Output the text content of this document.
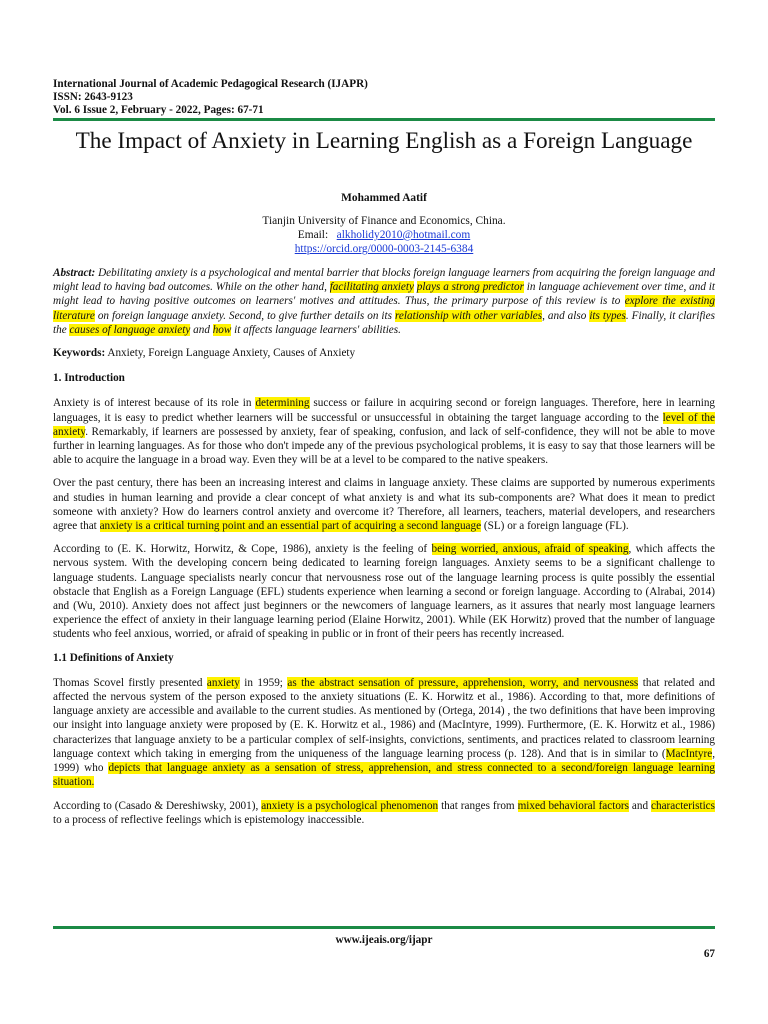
International Journal of Academic Pedagogical Research (IJAPR)
ISSN: 2643-9123
Vol. 6 Issue 2, February - 2022, Pages: 67-71
The Impact of Anxiety in Learning English as a Foreign Language
Mohammed Aatif
Tianjin University of Finance and Economics, China.
Email: alkholidy2010@hotmail.com
https://orcid.org/0000-0003-2145-6384

Abstract: Debilitating anxiety is a psychological and mental barrier that blocks foreign language learners from acquiring the foreign language and might lead to having bad outcomes. While on the other hand, facilitating anxiety plays a strong predictor in language achievement over time, and it might lead to having positive outcomes on learners' motives and attitudes. Thus, the primary purpose of this review is to explore the existing literature on foreign language anxiety. Second, to give further details on its relationship with other variables, and also its types. Finally, it clarifies the causes of language anxiety and how it affects language learners' abilities.

Keywords: Anxiety, Foreign Language Anxiety, Causes of Anxiety

1. Introduction

Anxiety is of interest because of its role in determining success or failure in acquiring second or foreign languages. Therefore, here in learning languages, it is easy to predict whether learners will be successful or unsuccessful in obtaining the target language according to the level of the anxiety. Remarkably, if learners are possessed by anxiety, fear of speaking, confusion, and lack of self-confidence, they will not be able to move further in learning languages. As for those who don't impede any of the previous psychological problems, it is easy to say that those learners will be able to acquire the language in a broad way. Even they will be at a level to be compared to the native speakers.

Over the past century, there has been an increasing interest and claims in language anxiety. These claims are supported by numerous experiments and studies in human learning and provide a clear concept of what anxiety is and what its sub-components are? What does it mean to predict someone with anxiety? How do learners control anxiety and overcome it? Therefore, all learners, teachers, material developers, and researchers agree that anxiety is a critical turning point and an essential part of acquiring a second language (SL) or a foreign language (FL).

According to (E. K. Horwitz, Horwitz, & Cope, 1986), anxiety is the feeling of being worried, anxious, afraid of speaking, which affects the nervous system. With the developing concern being dedicated to learning foreign languages. Anxiety seems to be a significant challenge to language students. Language specialists nearly concur that nervousness rose out of the language learning process is quite possibly the essential obstacle that English as a Foreign Language (EFL) students experience when learning a second or foreign language. According to (Alrabai, 2014) and (Wu, 2010). Anxiety does not affect just beginners or the newcomers of language learners, as it assures that nearly most language learners experience the effect of anxiety in their language learning period (Elaine Horwitz, 2001). While (EK Horwitz) proved that the number of language students who feel anxious, worried, or afraid of speaking in public or in front of their peers has recently increased.

1.1 Definitions of Anxiety

Thomas Scovel firstly presented anxiety in 1959; as the abstract sensation of pressure, apprehension, worry, and nervousness that related and affected the nervous system of the person exposed to the anxiety situations (E. K. Horwitz et al., 1986). According to that, more definitions of language anxiety are accessible and available to the current studies. As mentioned by (Ortega, 2014) , the two definitions that have been improving our insight into language anxiety were proposed by (E. K. Horwitz et al., 1986) and (MacIntyre, 1999). Furthermore, (E. K. Horwitz et al., 1986) characterizes that language anxiety to be a particular complex of self-insights, convictions, sentiments, and practices related to classroom learning language context which taking in emerging from the uniqueness of the language learning process (p. 128). And that is in similar to (MacIntyre, 1999) who depicts that language anxiety as a sensation of stress, apprehension, and stress connected to a second/foreign language learning situation.

According to (Casado & Dereshiwsky, 2001), anxiety is a psychological phenomenon that ranges from mixed behavioral factors and characteristics to a process of reflective feelings which is epistemology inaccessible.

www.ijeais.org/ijapr
67
